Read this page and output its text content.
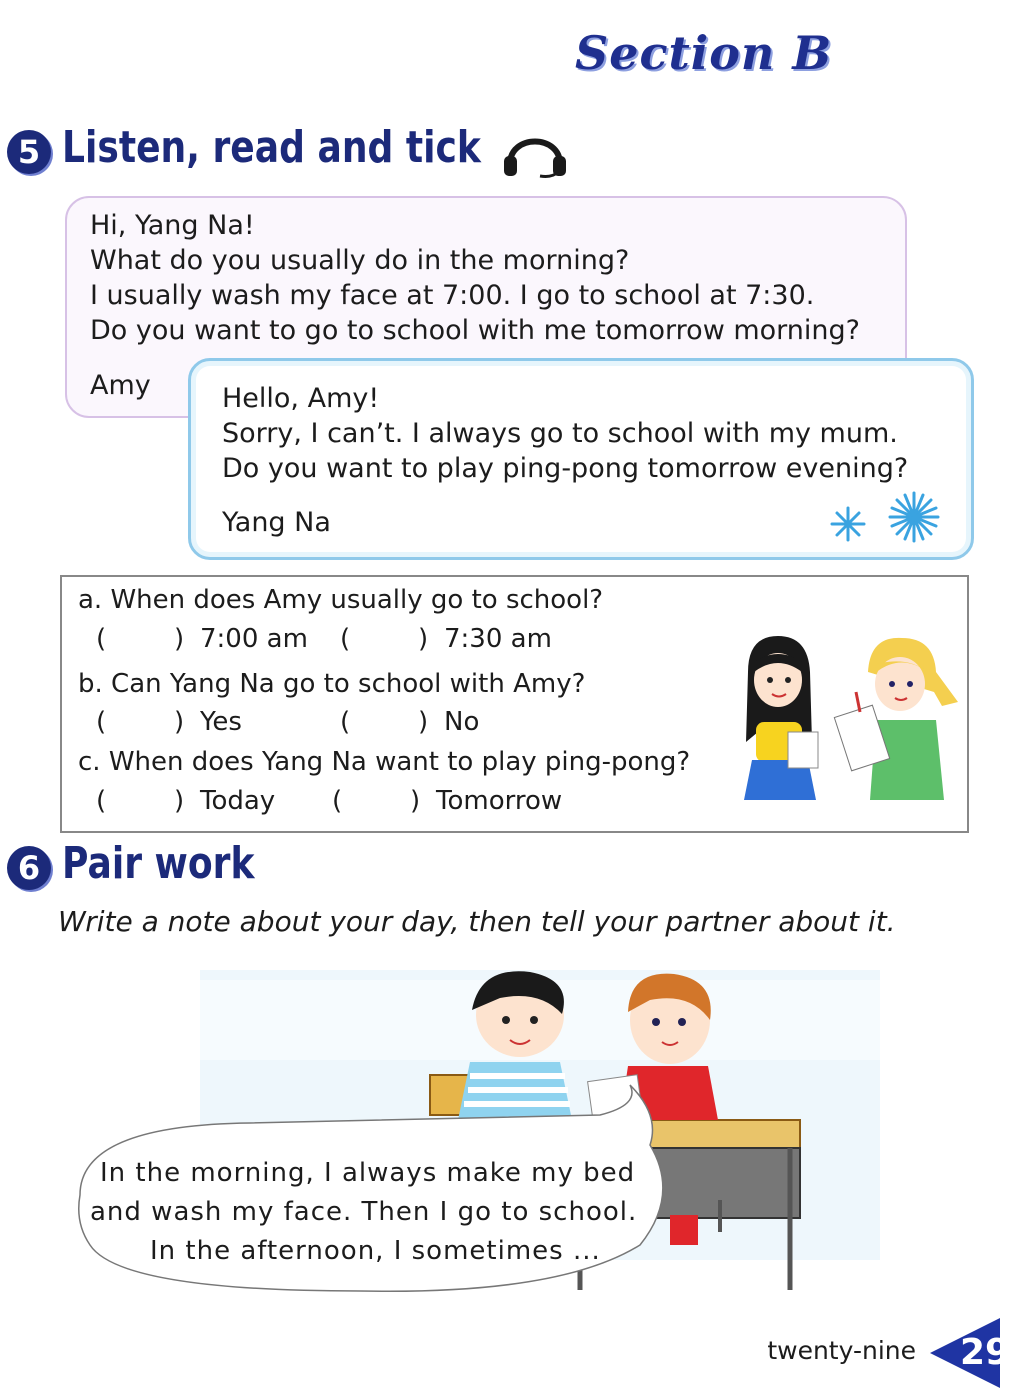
Section B
5 Listen, read and tick
Hi, Yang Na!
What do you usually do in the morning?
I usually wash my face at 7:00. I go to school at 7:30.
Do you want to go to school with me tomorrow morning?
Amy	Hello, Amy!
Sorry, I can’t. I always go to school with my mum.
Do you want to play ping-pong tomorrow evening?
Yang Na
a. When does Amy usually go to school?
(	) 7:00 am (	) 7:30 am
b. Can Yang Na go to school with Amy?
(	) Yes	(	) No
c. When does Yang Na want to play ping-pong?
(	) Today (	) Tomorrow
6 Pair work
Write a note about your day, then tell your partner about it.
In the morning, I always make my bed
and wash my face. Then I go to school.
In the afternoon, I sometimes ...
twenty-nine 29
